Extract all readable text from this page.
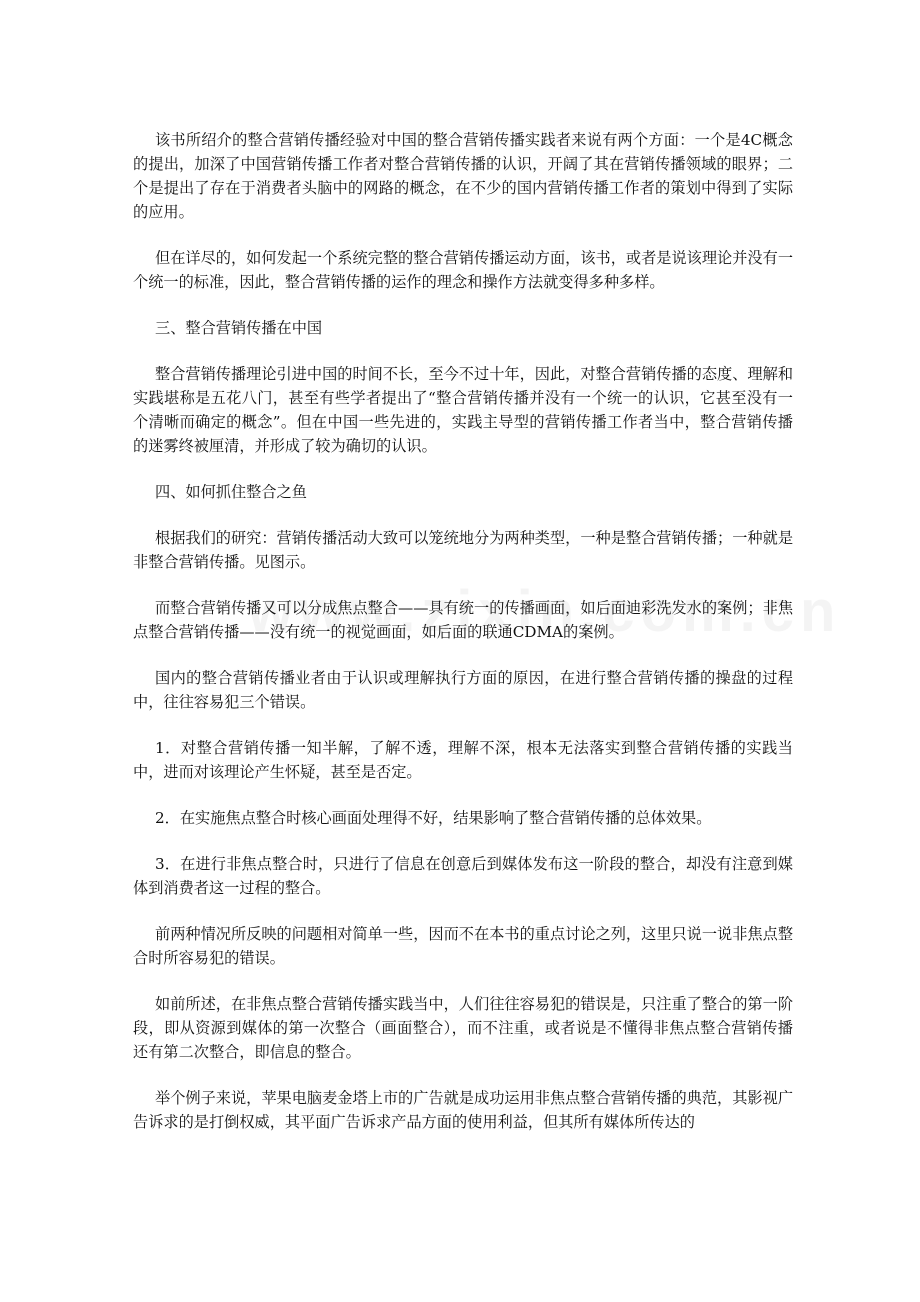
该书所绍介的整合营销传播经验对中国的整合营销传播实践者来说有两个方面：一个是4C概念的提出，加深了中国营销传播工作者对整合营销传播的认识，开阔了其在营销传播领域的眼界；二个是提出了存在于消费者头脑中的网路的概念，在不少的国内营销传播工作者的策划中得到了实际的应用。

但在详尽的，如何发起一个系统完整的整合营销传播运动方面，该书，或者是说该理论并没有一个统一的标准，因此，整合营销传播的运作的理念和操作方法就变得多种多样。

三、整合营销传播在中国

整合营销传播理论引进中国的时间不长，至今不过十年，因此，对整合营销传播的态度、理解和实践堪称是五花八门，甚至有些学者提出了“整合营销传播并没有一个统一的认识，它甚至没有一个清晰而确定的概念”。但在中国一些先进的，实践主导型的营销传播工作者当中，整合营销传播的迷雾终被厘清，并形成了较为确切的认识。

四、如何抓住整合之鱼

根据我们的研究：营销传播活动大致可以笼统地分为两种类型，一种是整合营销传播；一种就是非整合营销传播。见图示。

而整合营销传播又可以分成焦点整合——具有统一的传播画面，如后面迪彩洗发水的案例；非焦点整合营销传播——没有统一的视觉画面，如后面的联通CDMA的案例。

国内的整合营销传播业者由于认识或理解执行方面的原因，在进行整合营销传播的操盘的过程中，往往容易犯三个错误。

1．对整合营销传播一知半解，了解不透，理解不深，根本无法落实到整合营销传播的实践当中，进而对该理论产生怀疑，甚至是否定。

2．在实施焦点整合时核心画面处理得不好，结果影响了整合营销传播的总体效果。

3．在进行非焦点整合时，只进行了信息在创意后到媒体发布这一阶段的整合，却没有注意到媒体到消费者这一过程的整合。

前两种情况所反映的问题相对简单一些，因而不在本书的重点讨论之列，这里只说一说非焦点整合时所容易犯的错误。

如前所述，在非焦点整合营销传播实践当中，人们往往容易犯的错误是，只注重了整合的第一阶段，即从资源到媒体的第一次整合（画面整合），而不注重，或者说是不懂得非焦点整合营销传播还有第二次整合，即信息的整合。

举个例子来说，苹果电脑麦金塔上市的广告就是成功运用非焦点整合营销传播的典范，其影视广告诉求的是打倒权威，其平面广告诉求产品方面的使用利益，但其所有媒体所传达的
